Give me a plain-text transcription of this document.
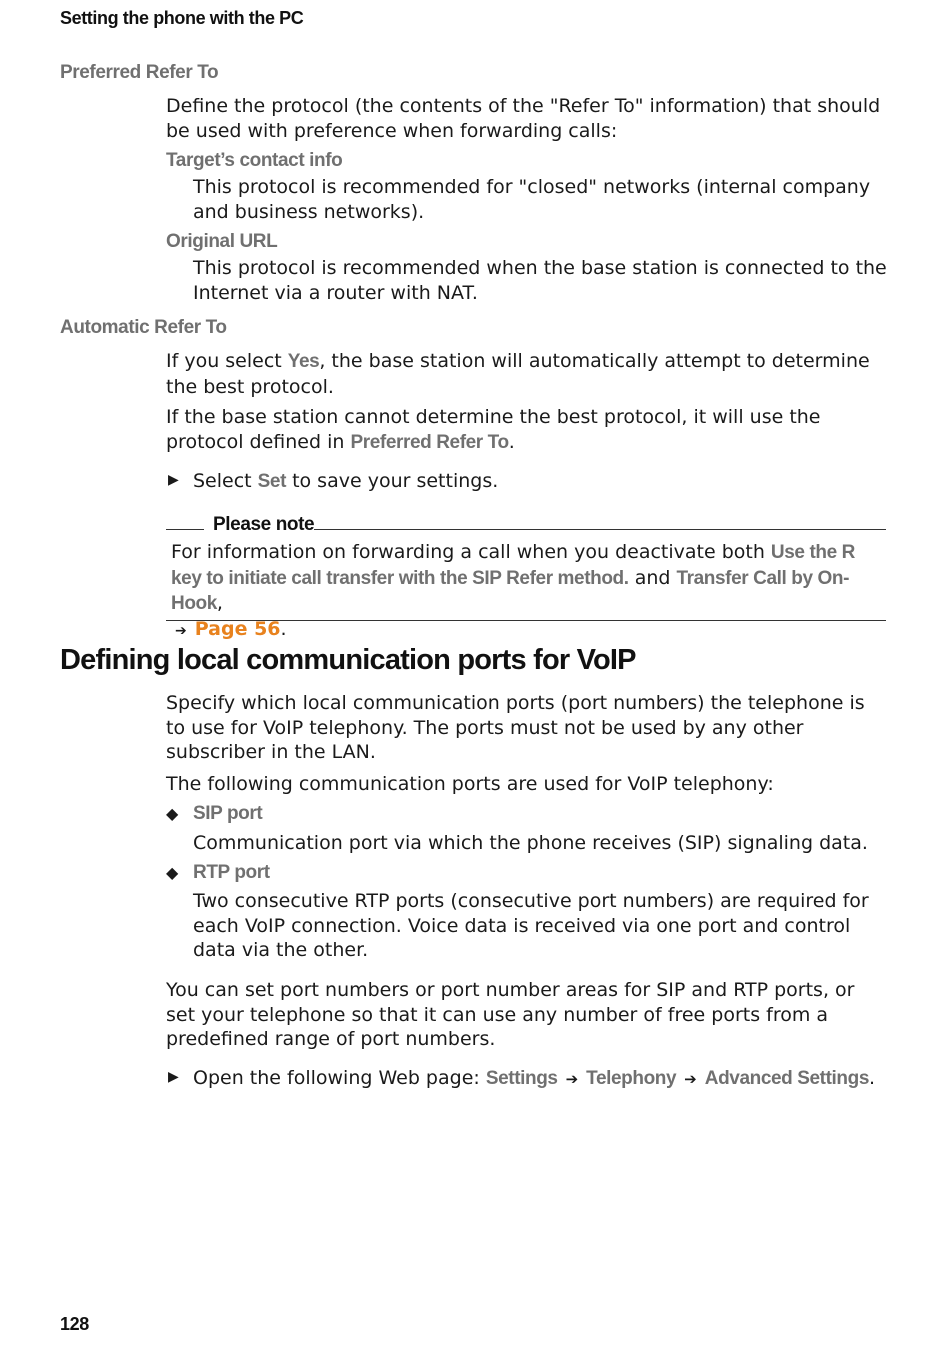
Setting the phone with the PC
Preferred Refer To
Define the protocol (the contents of the "Refer To" information) that should be used with preference when forwarding calls:
Target’s contact info
This protocol is recommended for "closed" networks (internal company and business networks).
Original URL
This protocol is recommended when the base station is connected to the Internet via a router with NAT.
Automatic Refer To
If you select Yes, the base station will automatically attempt to determine the best protocol.
If the base station cannot determine the best protocol, it will use the protocol defined in Preferred Refer To.
▶ Select Set to save your settings.
Please note
For information on forwarding a call when you deactivate both Use the R key to initiate call transfer with the SIP Refer method. and Transfer Call by On-Hook,
➔ Page 56.
Defining local communication ports for VoIP
Specify which local communication ports (port numbers) the telephone is to use for VoIP telephony. The ports must not be used by any other subscriber in the LAN.
The following communication ports are used for VoIP telephony:
◆ SIP port
Communication port via which the phone receives (SIP) signaling data.
◆ RTP port
Two consecutive RTP ports (consecutive port numbers) are required for each VoIP connection. Voice data is received via one port and control data via the other.
You can set port numbers or port number areas for SIP and RTP ports, or set your telephone so that it can use any number of free ports from a predefined range of port numbers.
▶ Open the following Web page: Settings ➔ Telephony ➔ Advanced Settings.
128
